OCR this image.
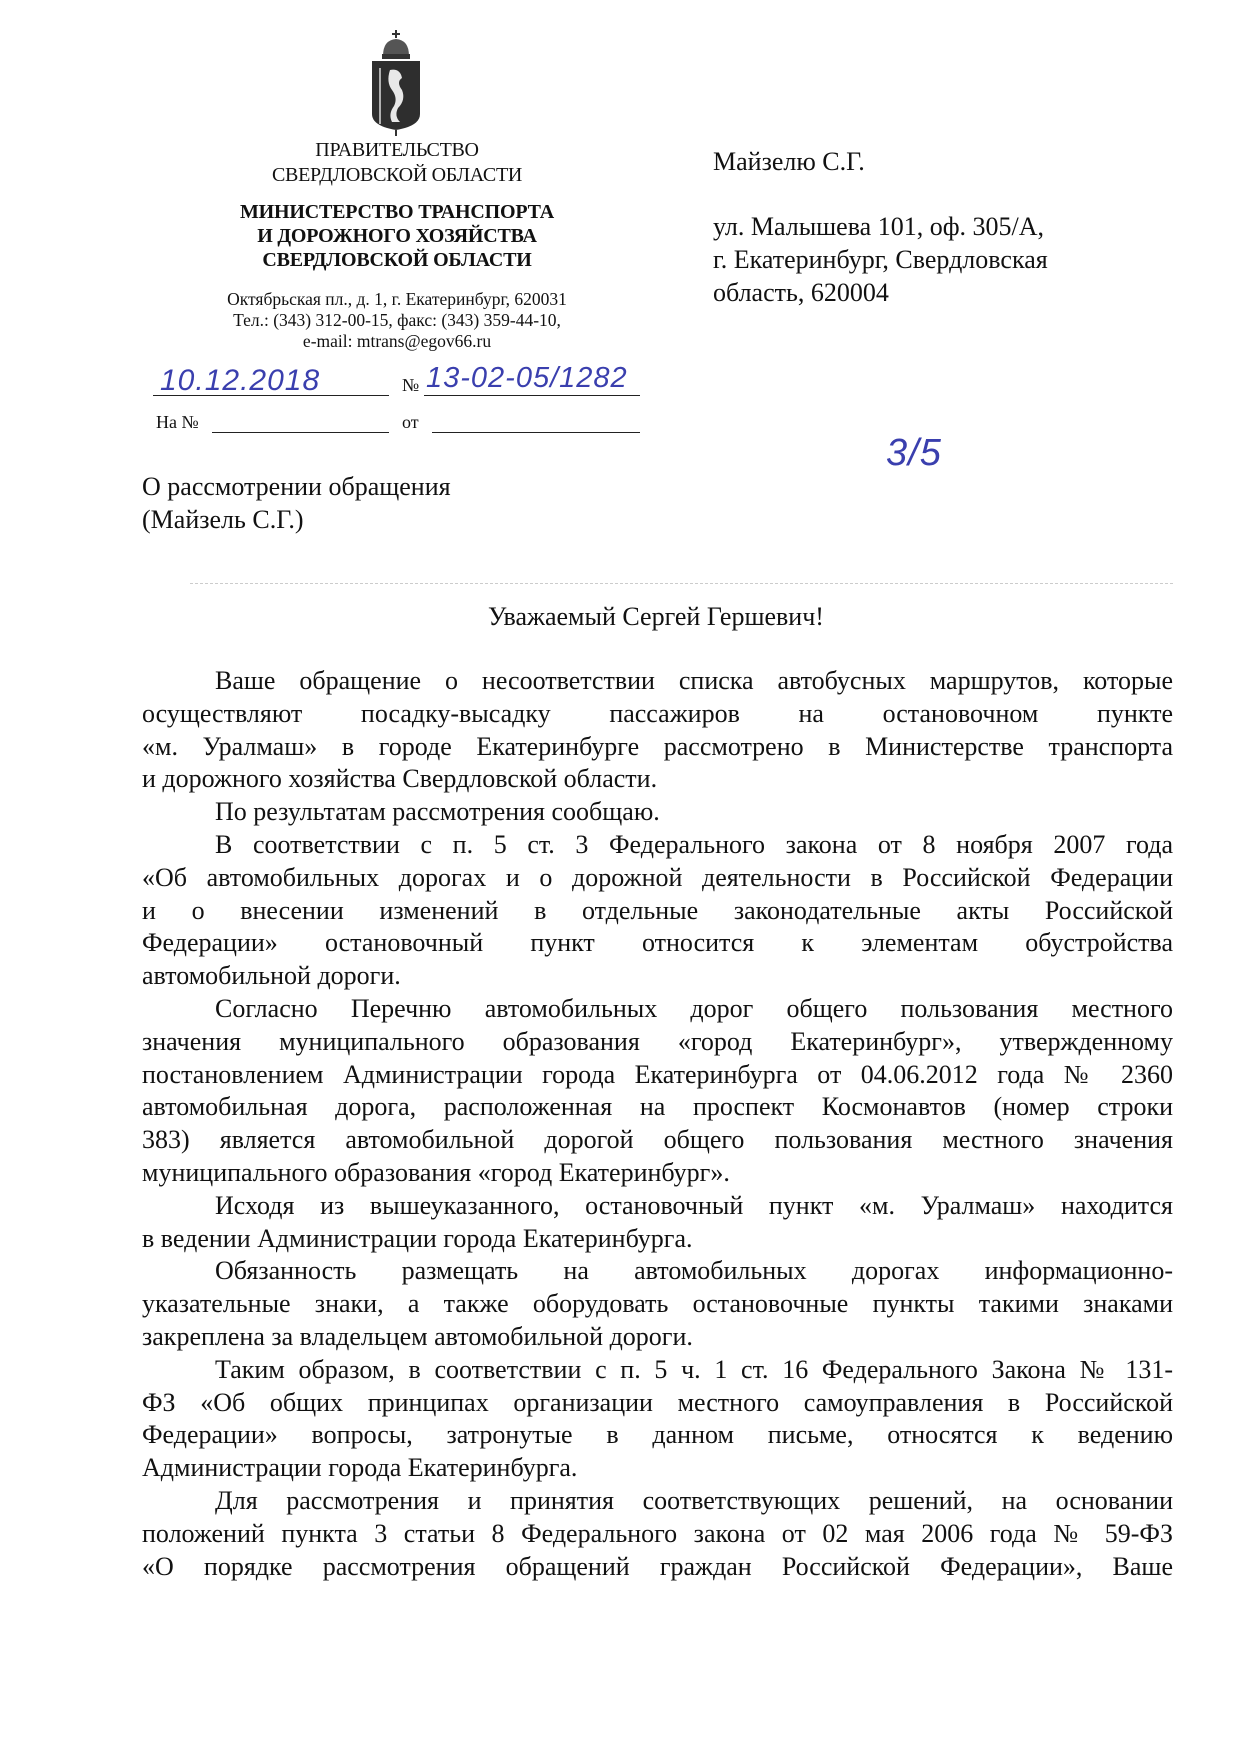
ПРАВИТЕЛЬСТВО
СВЕРДЛОВСКОЙ ОБЛАСТИ
МИНИСТЕРСТВО ТРАНСПОРТА
И ДОРОЖНОГО ХОЗЯЙСТВА
СВЕРДЛОВСКОЙ ОБЛАСТИ
Октябрьская пл., д. 1, г. Екатеринбург, 620031
Тел.: (343) 312-00-15, факс: (343) 359-44-10,
e-mail: mtrans@egov66.ru
10.12.2018	№ 13-02-05/1282
На №	от
Майзелю С.Г.
ул. Малышева 101, оф. 305/А,
г. Екатеринбург, Свердловская
область, 620004
3/5
О рассмотрении обращения
(Майзель С.Г.)
Уважаемый Сергей Гершевич!
Ваше обращение о несоответствии списка автобусных маршрутов, которые
осуществляют посадку-высадку пассажиров на остановочном пункте
«м. Уралмаш» в городе Екатеринбурге рассмотрено в Министерстве транспорта
и дорожного хозяйства Свердловской области.
По результатам рассмотрения сообщаю.
В соответствии с п. 5 ст. 3 Федерального закона от 8 ноября 2007 года
«Об автомобильных дорогах и о дорожной деятельности в Российской Федерации
и о внесении изменений в отдельные законодательные акты Российской
Федерации» остановочный пункт относится к элементам обустройства
автомобильной дороги.
Согласно Перечню автомобильных дорог общего пользования местного
значения муниципального образования «город Екатеринбург», утвержденному
постановлением Администрации города Екатеринбурга от 04.06.2012 года № 2360
автомобильная дорога, расположенная на проспект Космонавтов (номер строки
383) является автомобильной дорогой общего пользования местного значения
муниципального образования «город Екатеринбург».
Исходя из вышеуказанного, остановочный пункт «м. Уралмаш» находится
в ведении Администрации города Екатеринбурга.
Обязанность размещать на автомобильных дорогах информационно-
указательные знаки, а также оборудовать остановочные пункты такими знаками
закреплена за владельцем автомобильной дороги.
Таким образом, в соответствии с п. 5 ч. 1 ст. 16 Федерального Закона № 131-
ФЗ «Об общих принципах организации местного самоуправления в Российской
Федерации» вопросы, затронутые в данном письме, относятся к ведению
Администрации города Екатеринбурга.
Для рассмотрения и принятия соответствующих решений, на основании
положений пункта 3 статьи 8 Федерального закона от 02 мая 2006 года № 59-ФЗ
«О порядке рассмотрения обращений граждан Российской Федерации», Ваше
